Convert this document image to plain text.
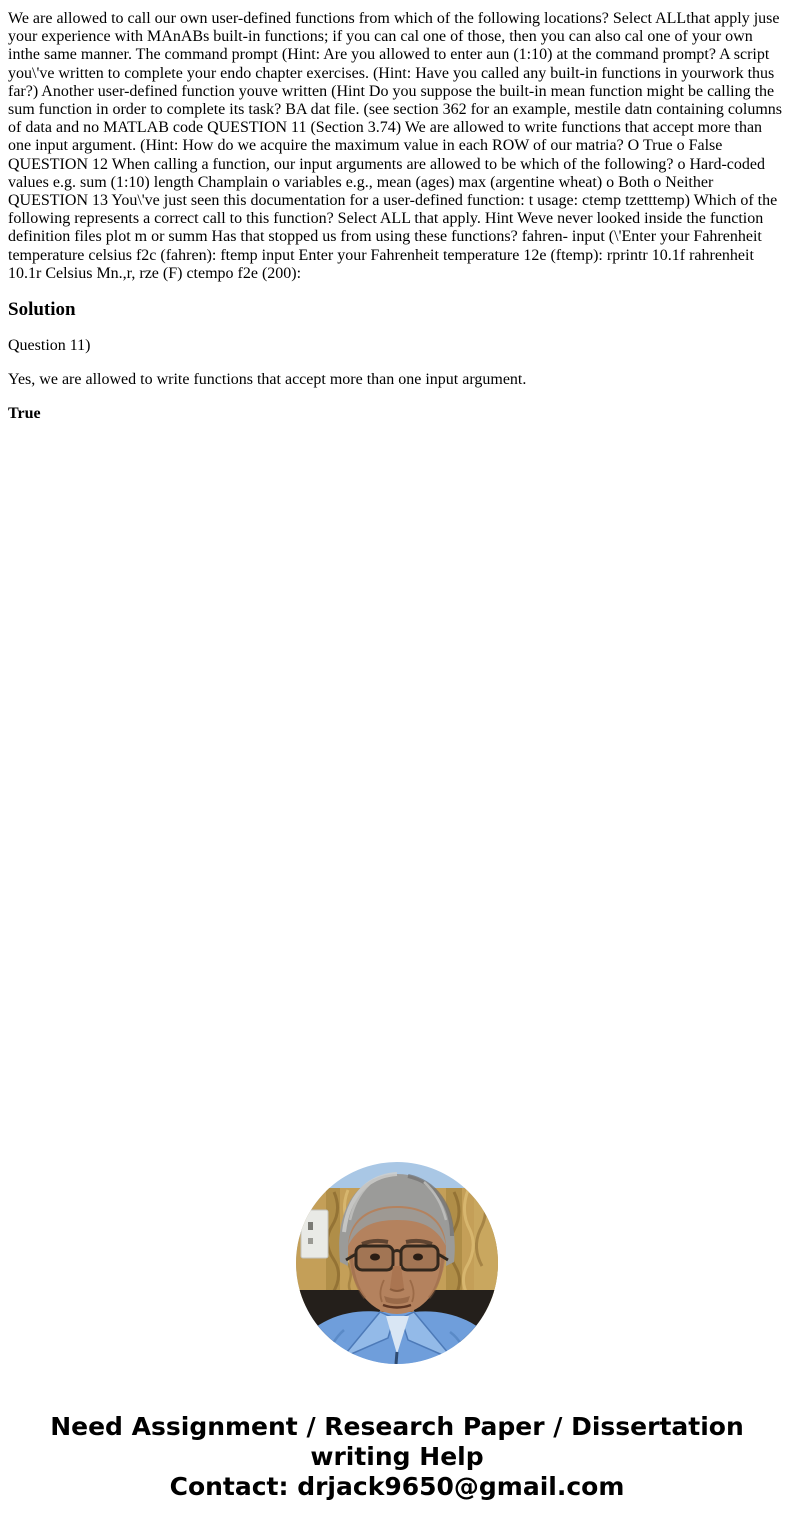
We are allowed to call our own user-defined functions from which of the following locations? Select ALLthat apply juse your experience with MAnABs built-in functions; if you can cal one of those, then you can also cal one of your own inthe same manner. The command prompt (Hint: Are you allowed to enter aun (1:10) at the command prompt? A script you\'ve written to complete your endo chapter exercises. (Hint: Have you called any built-in functions in yourwork thus far?) Another user-defined function youve written (Hint Do you suppose the built-in mean function might be calling the sum function in order to complete its task? BA dat file. (see section 362 for an example, mestile datn containing columns of data and no MATLAB code QUESTION 11 (Section 3.74) We are allowed to write functions that accept more than one input argument. (Hint: How do we acquire the maximum value in each ROW of our matria? O True o False QUESTION 12 When calling a function, our input arguments are allowed to be which of the following? o Hard-coded values e.g. sum (1:10) length Champlain o variables e.g., mean (ages) max (argentine wheat) o Both o Neither QUESTION 13 You\'ve just seen this documentation for a user-defined function: t usage: ctemp tzetttemp) Which of the following represents a correct call to this function? Select ALL that apply. Hint Weve never looked inside the function definition files plot m or summ Has that stopped us from using these functions? fahren- input (\'Enter your Fahrenheit temperature celsius f2c (fahren): ftemp input Enter your Fahrenheit temperature 12e (ftemp): rprintr 10.1f rahrenheit 10.1r Celsius Mn.,r, rze (F) ctempo f2e (200):

Solution

Question 11)

Yes, we are allowed to write functions that accept more than one input argument.

True

Need Assignment / Research Paper / Dissertation
writing Help
Contact: drjack9650@gmail.com
